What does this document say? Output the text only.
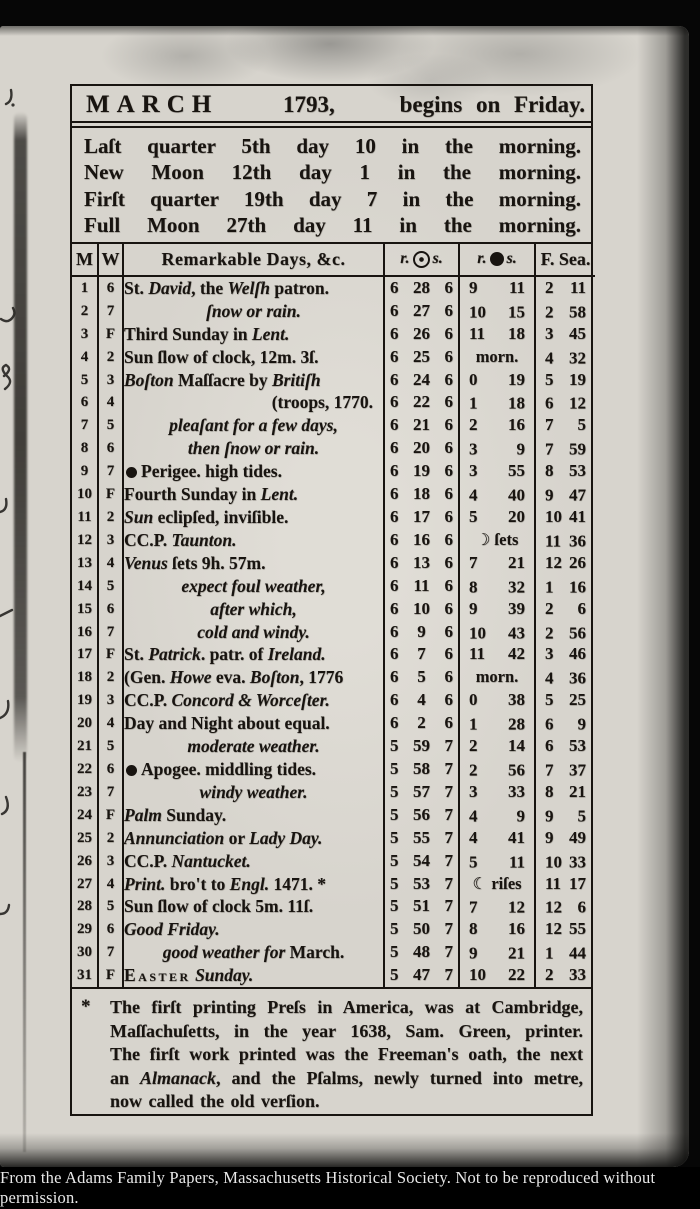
MARCH	1793,	begins on Friday.
Laſt quarter 5th day 10 in the morning.
New Moon 12th day 1 in the morning.
Firſt quarter 19th day 7 in the morning.
Full Moon 27th day 11 in the morning.
M	W	Remarkable Days, &c.	r. s.	r. s.	F. Sea.
1	6	St. David, the Welſh patron.	6 28 6	9 11	2 11

2	7	ſnow or rain.	6 27 6	10 15	2 58

3	F	Third Sunday in Lent.	6 26 6	11 18	3 45

4	2	Sun ſlow of clock, 12m. 3ſ.	6 25 6	morn.	4 32

5	3	Boſton Maſſacre by Britiſh	6 24 6	0 19	5 19

6	4	(troops, 1770.	6 22 6	1 18	6 12

7	5	pleaſant for a few days,	6 21 6	2 16	7 5

8	6	then ſnow or rain.	6 20 6	3 9	7 59

9	7	Perigee. high tides.	6 19 6	3 55	8 53

10	F	Fourth Sunday in Lent.	6 18 6	4 40	9 47

11	2	Sun eclipſed, inviſible.	6 17 6	5 20	10 41

12	3	CC.P. Taunton.	6 16 6	☽ ſets	11 36

13	4	Venus ſets 9h. 57m.	6 13 6	7 21	12 26

14	5	expect foul weather,	6 11 6	8 32	1 16

15	6	after which,	6 10 6	9 39	2 6

16	7	cold and windy.	6 9 6	10 43	2 56

17	F	St. Patrick. patr. of Ireland.	6 7 6	11 42	3 46

18	2	(Gen. Howe eva. Boſton, 1776	6 5 6	morn.	4 36

19	3	CC.P. Concord & Worceſter.	6 4 6	0 38	5 25

20	4	Day and Night about equal.	6 2 6	1 28	6 9

21	5	moderate weather.	5 59 7	2 14	6 53

22	6	Apogee. middling tides.	5 58 7	2 56	7 37

23	7	windy weather.	5 57 7	3 33	8 21

24	F	Palm Sunday.	5 56 7	4 9	9 5

25	2	Annunciation or Lady Day.	5 55 7	4 41	9 49

26	3	CC.P. Nantucket.	5 54 7	5 11	10 33

27	4	Print. bro't to Engl. 1471. *	5 53 7	☾ riſes	11 17

28	5	Sun ſlow of clock 5m. 11ſ.	5 51 7	7 12	12 6

29	6	Good Friday.	5 50 7	8 16	12 55

30	7	good weather for March.	5 48 7	9 21	1 44

31	F	Easter Sunday.	5 47 7	10 22	2 33
* The firſt printing Preſs in America, was at Cambridge,
Maſſachuſetts, in the year 1638, Sam. Green, printer.
The firſt work printed was the Freeman's oath, the next
an Almanack, and the Pſalms, newly turned into metre,
now called the old verſion.
From the Adams Family Papers, Massachusetts Historical Society. Not to be reproduced without permission.
